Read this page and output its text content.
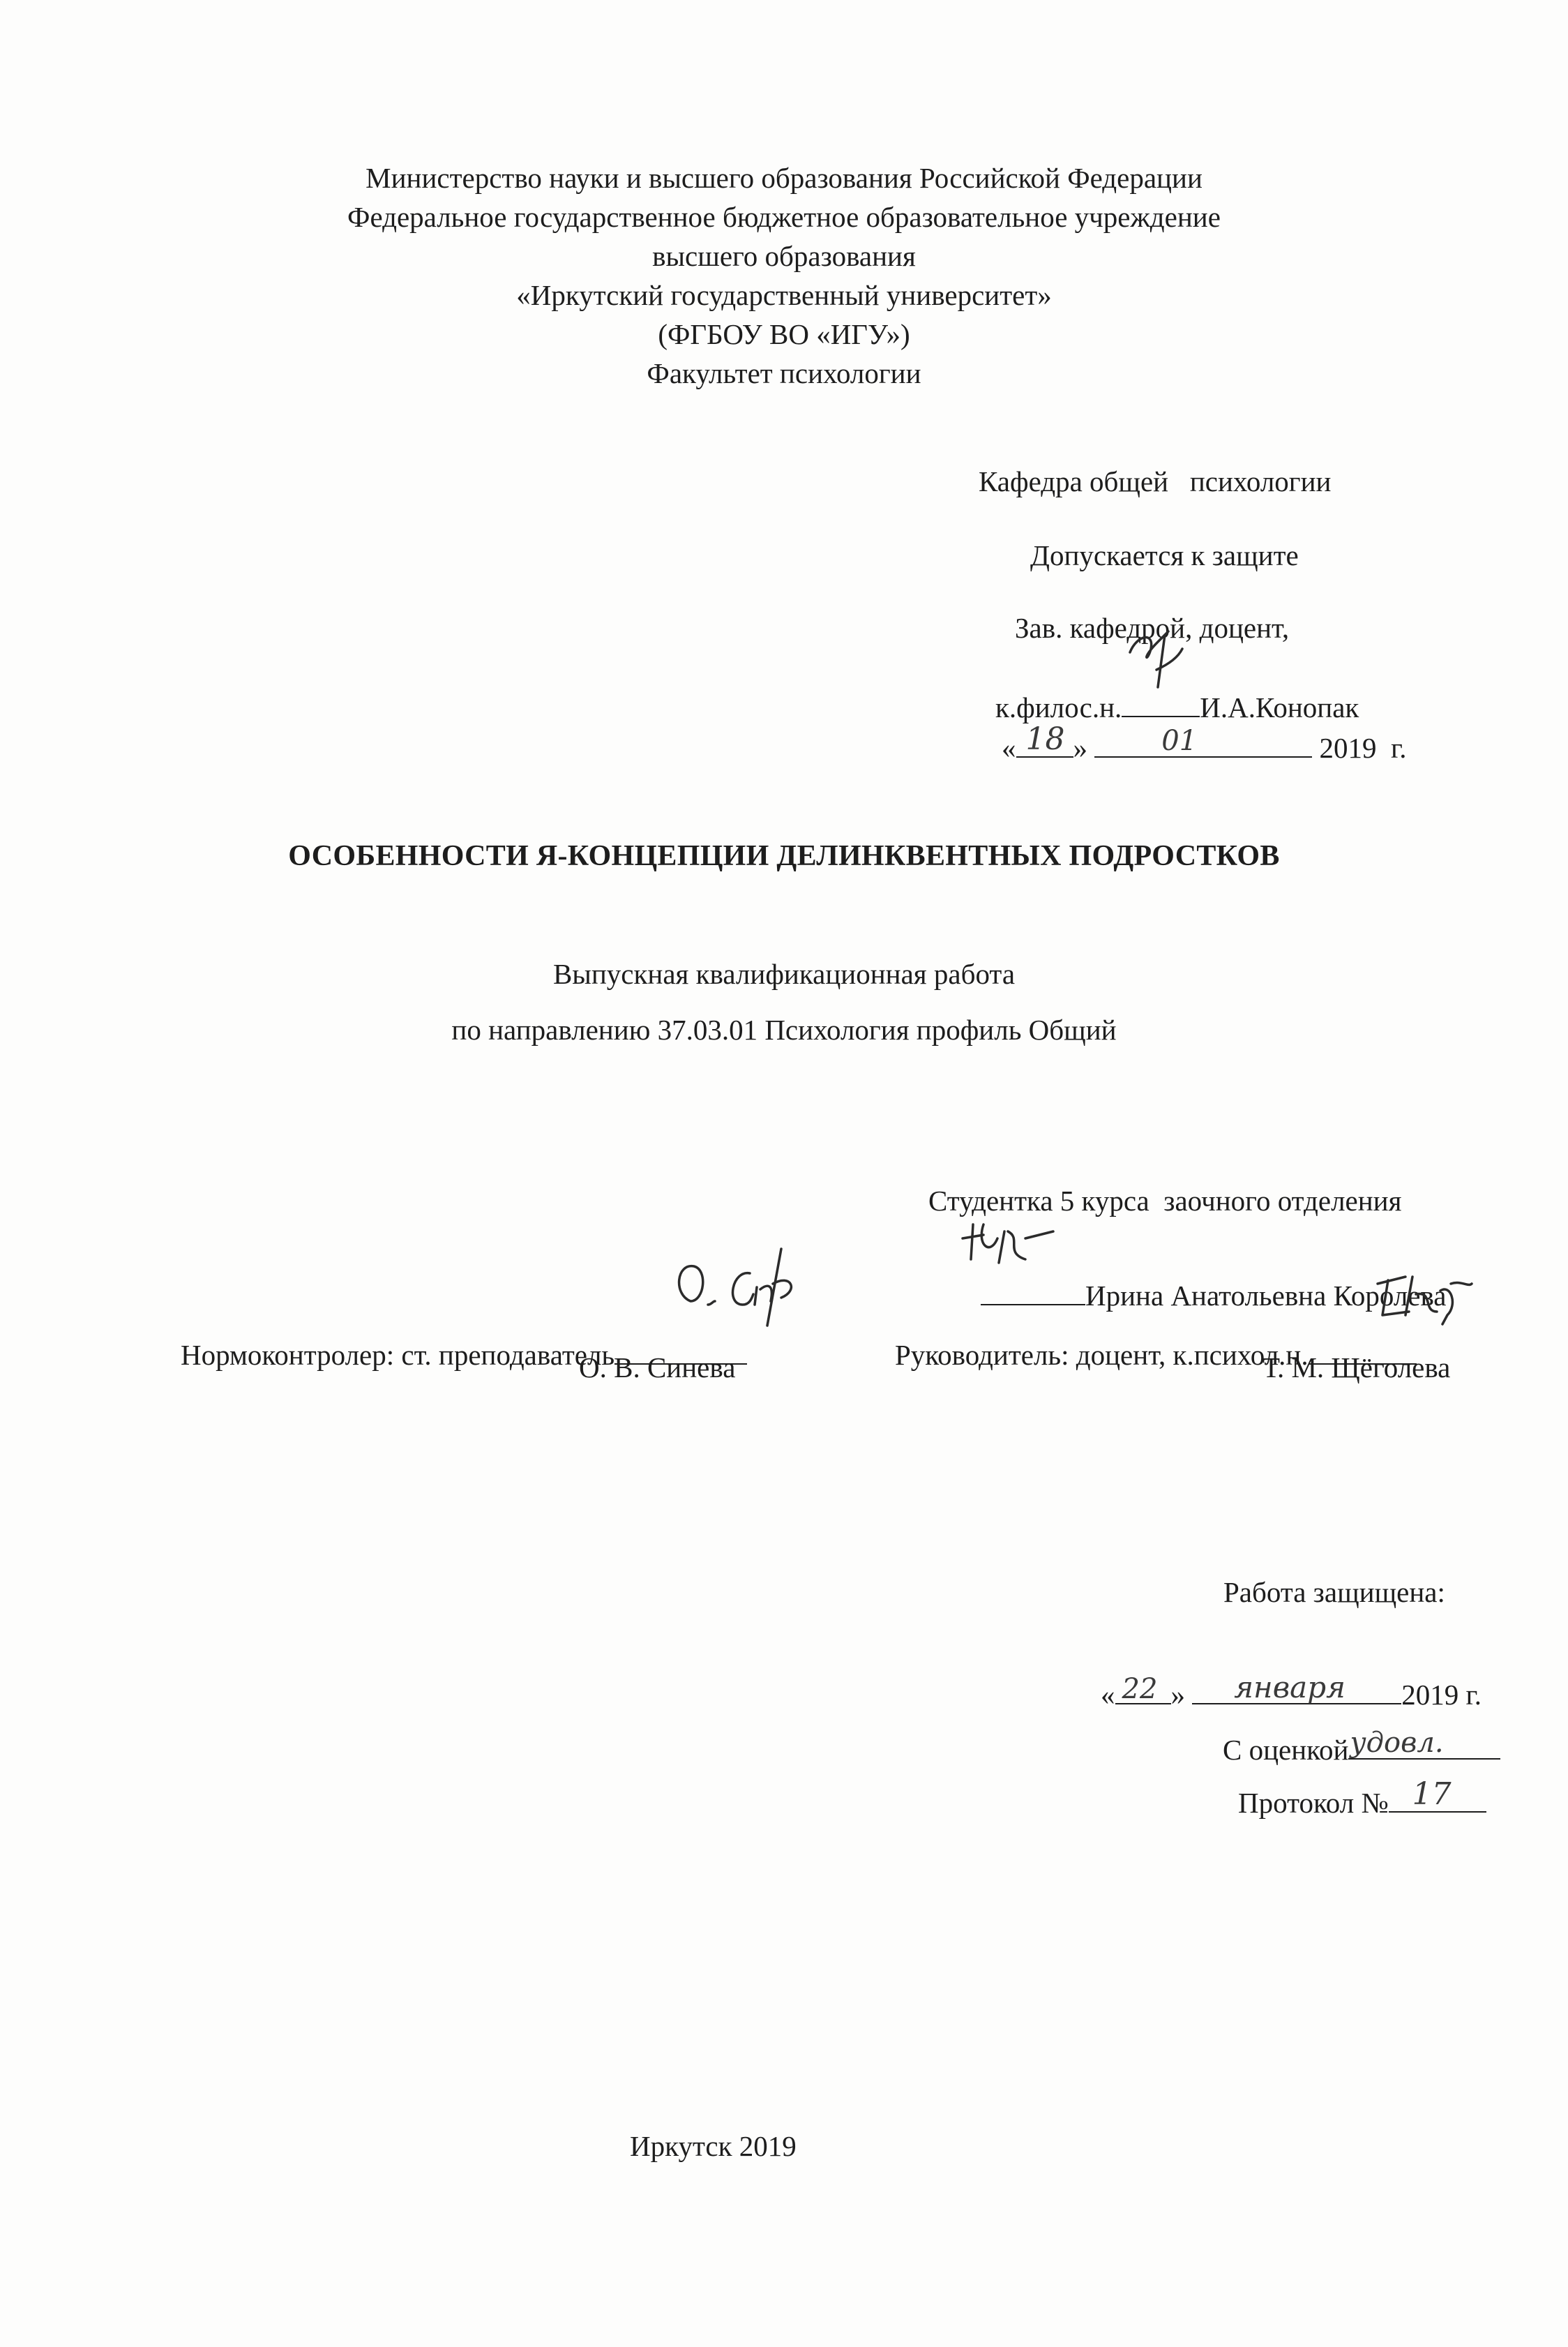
Министерство науки и высшего образования Российской Федерации
Федеральное государственное бюджетное образовательное учреждение
высшего образования
«Иркутский государственный университет»
(ФГБОУ ВО «ИГУ»)
Факультет психологии
Кафедра общей   психологии
Допускается к защите
Зав. кафедрой, доцент,

к.филос.н.	И.А.Конопак

« 18 »	01	2019  г.

ОСОБЕННОСТИ Я-КОНЦЕПЦИИ ДЕЛИНКВЕНТНЫХ ПОДРОСТКОВ
Выпускная квалификационная работа
по направлению 37.03.01 Психология профиль Общий
Студентка 5 курса  заочного отделения

Ирина Анатольевна Королева

Нормоконтролер: ст. преподаватель

О. В. Синева	Руководитель: доцент, к.психол.н.

Т. М. Щёголева
Работа защищена:

« 22 » января 2019 г.

С оценкой удовл.

Протокол № 17

Иркутск 2019
